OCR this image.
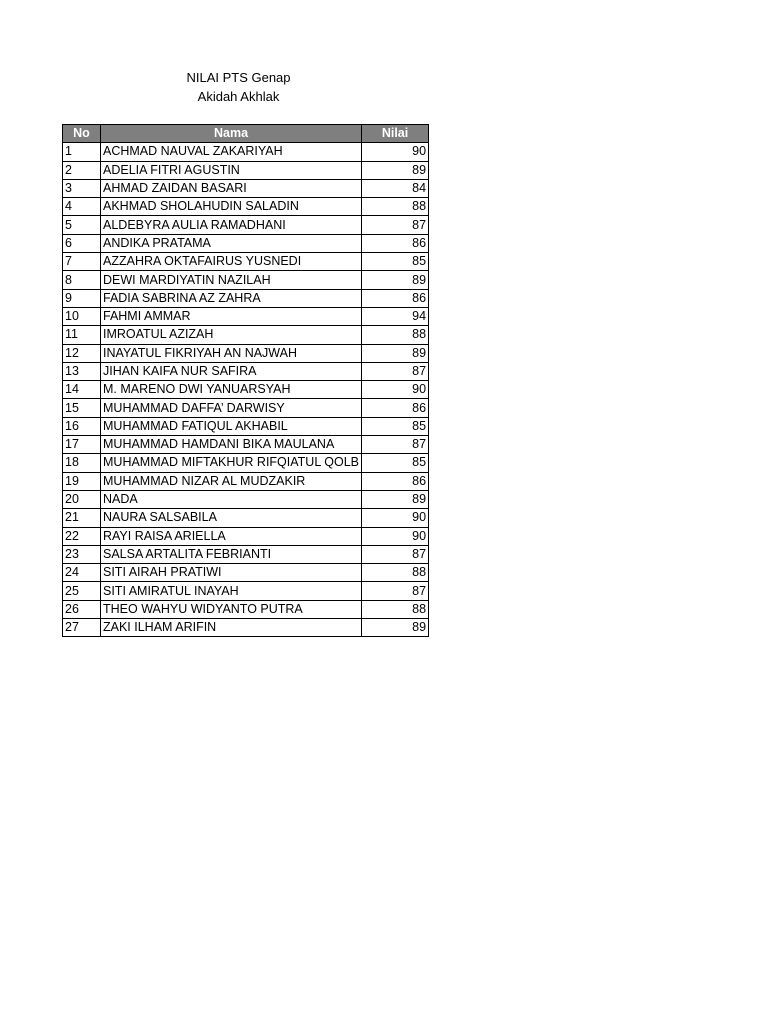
NILAI PTS Genap
Akidah Akhlak
No	Nama	Nilai
1	ACHMAD NAUVAL ZAKARIYAH	90
2	ADELIA FITRI AGUSTIN	89
3	AHMAD ZAIDAN BASARI	84
4	AKHMAD SHOLAHUDIN SALADIN	88
5	ALDEBYRA AULIA RAMADHANI	87
6	ANDIKA PRATAMA	86
7	AZZAHRA OKTAFAIRUS YUSNEDI	85
8	DEWI MARDIYATIN NAZILAH	89
9	FADIA SABRINA AZ ZAHRA	86
10	FAHMI AMMAR	94
11	IMROATUL AZIZAH	88
12	INAYATUL FIKRIYAH AN NAJWAH	89
13	JIHAN KAIFA NUR SAFIRA	87
14	M. MARENO DWI YANUARSYAH	90
15	MUHAMMAD DAFFA’ DARWISY	86
16	MUHAMMAD FATIQUL AKHABIL	85
17	MUHAMMAD HAMDANI BIKA MAULANA	87
18	MUHAMMAD MIFTAKHUR RIFQIATUL QOLB	85
19	MUHAMMAD NIZAR AL MUDZAKIR	86
20	NADA	89
21	NAURA SALSABILA	90
22	RAYI RAISA ARIELLA	90
23	SALSA ARTALITA FEBRIANTI	87
24	SITI AIRAH PRATIWI	88
25	SITI AMIRATUL INAYAH	87
26	THEO WAHYU WIDYANTO PUTRA	88
27	ZAKI ILHAM ARIFIN	89
